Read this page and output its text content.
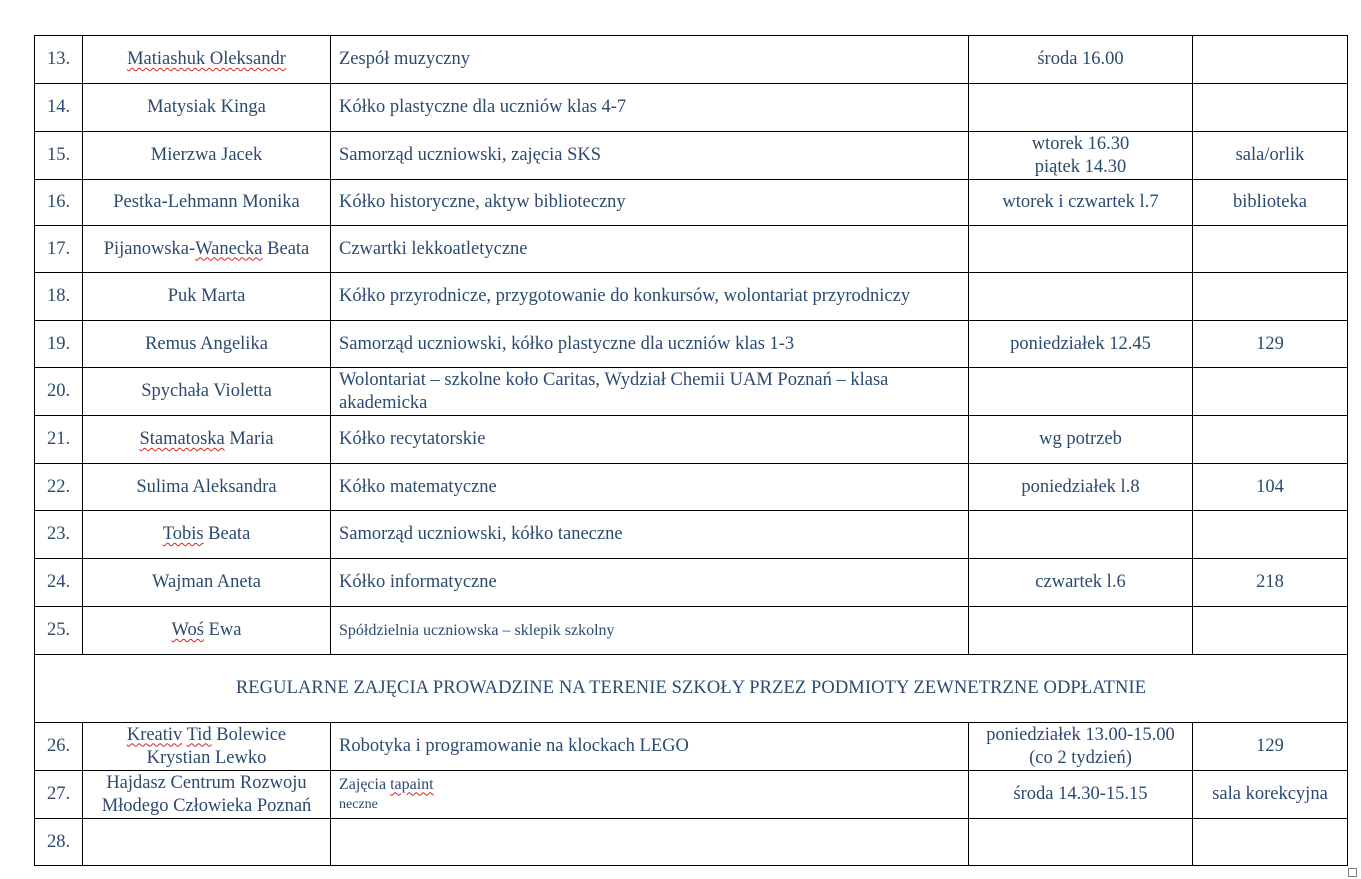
13.	Matiashuk Oleksandr	Zespół muzyczny	środa 16.00	
14.	Matysiak Kinga	Kółko plastyczne dla uczniów klas 4-7		
15.	Mierzwa Jacek	Samorząd uczniowski, zajęcia SKS	wtorek 16.30
piątek 14.30	sala/orlik
16.	Pestka-Lehmann Monika	Kółko historyczne, aktyw biblioteczny	wtorek i czwartek l.7	biblioteka
17.	Pijanowska-Wanecka Beata	Czwartki lekkoatletyczne		
18.	Puk Marta	Kółko przyrodnicze, przygotowanie do konkursów, wolontariat przyrodniczy		
19.	Remus Angelika	Samorząd uczniowski, kółko plastyczne dla uczniów klas 1-3	poniedziałek 12.45	129
20.	Spychała Violetta	Wolontariat – szkolne koło Caritas, Wydział Chemii UAM Poznań – klasa
akademicka		

21.	Stamatoska Maria	Kółko recytatorskie	wg potrzeb	
22.	Sulima Aleksandra	Kółko matematyczne	poniedziałek l.8	104
23.	Tobis Beata	Samorząd uczniowski, kółko taneczne		
24.	Wajman Aneta	Kółko informatyczne	czwartek l.6	218
25.	Woś Ewa	Spółdzielnia uczniowska – sklepik szkolny		
REGULARNE ZAJĘCIA PROWADZINE NA TERENIE SZKOŁY PRZEZ PODMIOTY ZEWNETRZNE ODPŁATNIE				
26.	Kreativ Tid Bolewice
Krystian Lewko	Robotyka i programowanie na klockach LEGO	poniedziałek 13.00-15.00
(co 2 tydzień)	129
27.	Hajdasz Centrum Rozwoju
Młodego Człowieka Poznań	Zajęcia tapaint
neczne	środa 14.30-15.15	sala korekcyjna
28.				
